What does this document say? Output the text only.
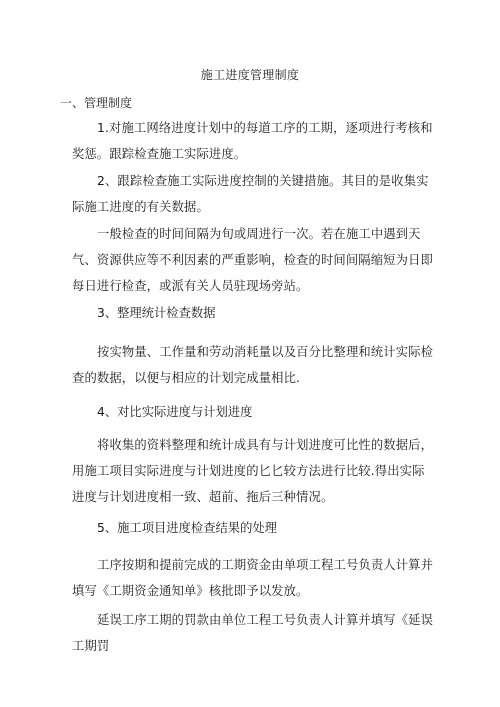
施工进度管理制度
一、管理制度
1.对施工网络进度计划中的每道工序的工期，逐项进行考核和奖惩。跟踪检查施工实际进度。
2、跟踪检查施工实际进度控制的关键措施。其目的是收集实际施工进度的有关数据。
一般检查的时间间隔为旬或周进行一次。若在施工中遇到天气、资源供应等不利因素的严重影响，检查的时间间隔缩短为日即每日进行检查，或派有关人员驻现场旁站。
3、整理统计检查数据
按实物量、工作量和劳动消耗量以及百分比整理和统计实际检查的数据，以便与相应的计划完成量相比.
4、对比实际进度与计划进度
将收集的资料整理和统计成具有与计划进度可比性的数据后，用施工项目实际进度与计划进度的匕匕较方法进行比较.得出实际进度与计划进度相一致、超前、拖后三种情况。
5、施工项目进度检查结果的处理
工序按期和提前完成的工期资金由单项工程工号负责人计算并填写《工期资金通知单》核批即予以发放。
延误工序工期的罚款由单位工程工号负责人计算并填写《延误工期罚
